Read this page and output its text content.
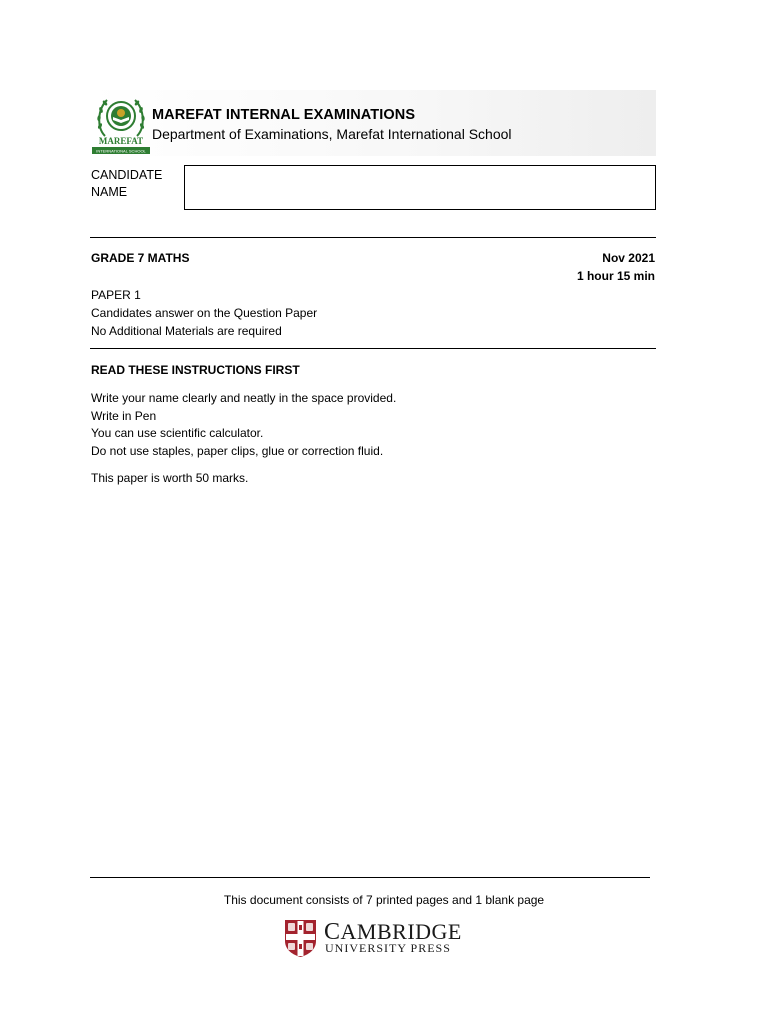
MAREFAT
INTERNATIONAL SCHOOL
MAREFAT INTERNAL EXAMINATIONS
Department of Examinations, Marefat International School
CANDIDATE
NAME
GRADE 7 MATHS	Nov 2021
1 hour 15 min
PAPER 1
Candidates answer on the Question Paper
No Additional Materials are required
READ THESE INSTRUCTIONS FIRST
Write your name clearly and neatly in the space provided.
Write in Pen
You can use scientific calculator.
Do not use staples, paper clips, glue or correction fluid.
This paper is worth 50 marks.
This document consists of 7 printed pages and 1 blank page
CAMBRIDGE
UNIVERSITY PRESS
